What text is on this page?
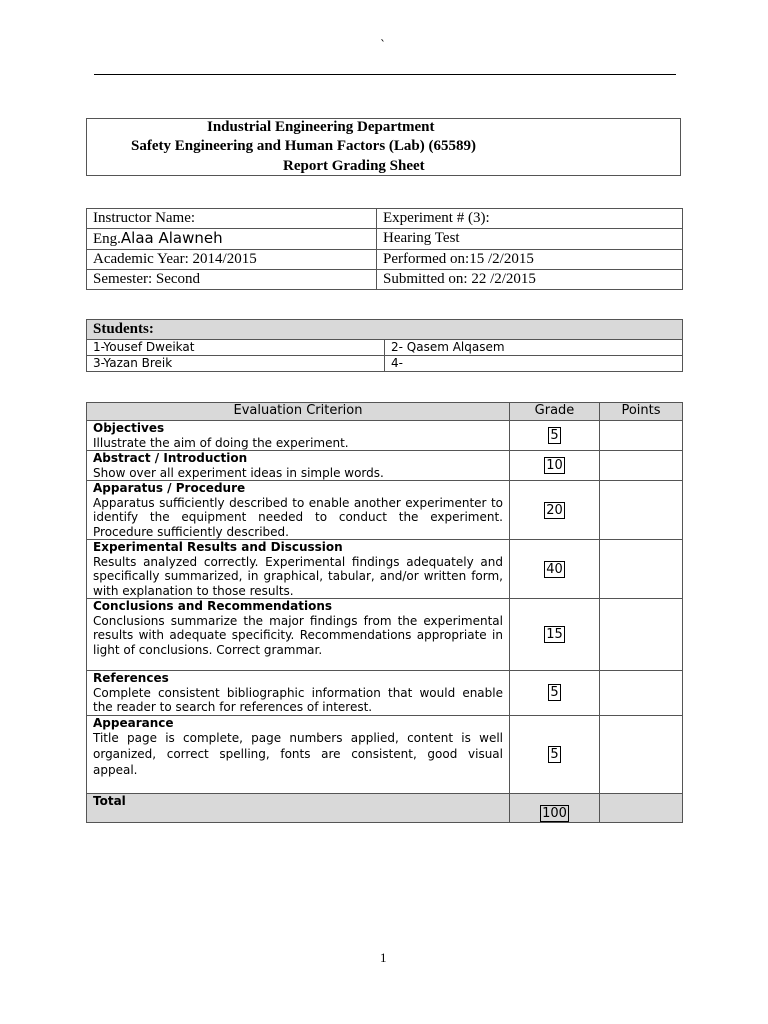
`
Industrial Engineering Department
Safety Engineering and Human Factors (Lab) (65589)
Report Grading Sheet
Instructor Name:	Experiment # (3):
Eng.Alaa Alawneh	Hearing Test
Academic Year: 2014/2015	Performed on:15 /2/2015
Semester: Second	Submitted on: 22 /2/2015
Students:	
1-Yousef Dweikat	2- Qasem Alqasem
3-Yazan Breik	4-
Evaluation Criterion	Grade	Points

Objectives
Illustrate the aim of doing the experiment.	5	

Abstract / Introduction
Show over all experiment ideas in simple words.	10	

Apparatus / Procedure
Apparatus sufficiently described to enable another experimenter to identify the equipment needed to conduct the experiment. Procedure sufficiently described.	20	

Experimental Results and Discussion
Results analyzed correctly. Experimental findings adequately and specifically summarized, in graphical, tabular, and/or written form, with explanation to those results.	40	

Conclusions and Recommendations
Conclusions summarize the major findings from the experimental results with adequate specificity. Recommendations appropriate in light of conclusions. Correct grammar.	15	

References
Complete consistent bibliographic information that would enable the reader to search for references of interest.	5	

Appearance
Title page is complete, page numbers applied, content is well organized, correct spelling, fonts are consistent, good visual appeal.	5	

Total	100	
1
